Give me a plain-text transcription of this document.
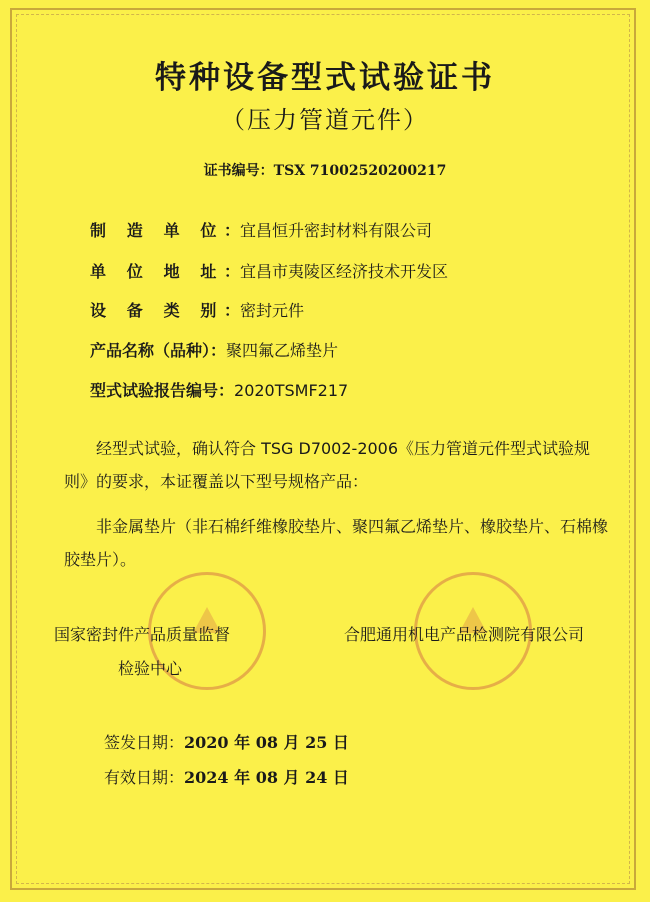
特种设备型式试验证书
（压力管道元件）
证书编号：TSX 71002520200217
制 造 单 位：宜昌恒升密封材料有限公司
单 位 地 址：宜昌市夷陵区经济技术开发区
设 备 类 别：密封元件
产品名称（品种）：聚四氟乙烯垫片
型式试验报告编号：2020TSMF217
经型式试验，确认符合 TSG D7002-2006《压力管道元件型式试验规则》的要求，本证覆盖以下型号规格产品：
非金属垫片（非石棉纤维橡胶垫片、聚四氟乙烯垫片、橡胶垫片、石棉橡胶垫片）。
国家密封件产品质量监督
检验中心
合肥通用机电产品检测院有限公司
签发日期：2020 年 08 月 25 日
有效日期：2024 年 08 月 24 日
